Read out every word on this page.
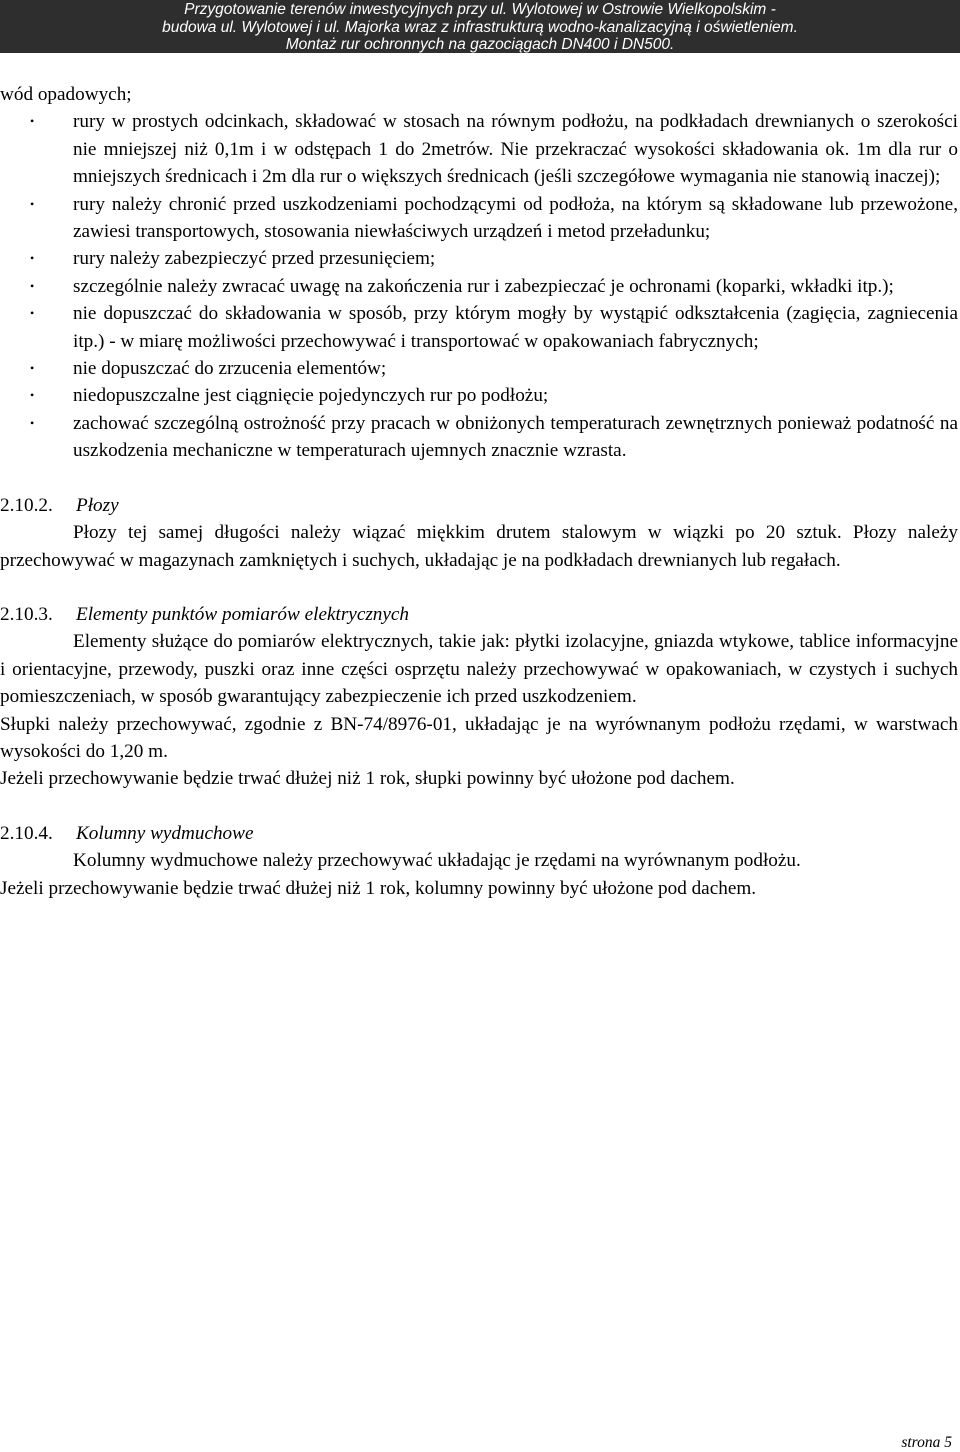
Przygotowanie terenów inwestycyjnych przy ul. Wylotowej w Ostrowie Wielkopolskim -
budowa ul. Wylotowej i ul. Majorka wraz z infrastrukturą wodno-kanalizacyjną i oświetleniem.
Montaż rur ochronnych na gazociągach DN400 i DN500.

wód opadowych;

• rury w prostych odcinkach, składować w stosach na równym podłożu, na podkładach drewnianych o szerokości nie mniejszej niż 0,1m i w odstępach 1 do 2metrów. Nie przekraczać wysokości składowania ok. 1m dla rur o mniejszych średnicach i 2m dla rur o większych średnicach (jeśli szczegółowe wymagania nie stanowią inaczej);
• rury należy chronić przed uszkodzeniami pochodzącymi od podłoża, na którym są składowane lub przewożone, zawiesi transportowych, stosowania niewłaściwych urządzeń i metod przeładunku;
• rury należy zabezpieczyć przed przesunięciem;
• szczególnie należy zwracać uwagę na zakończenia rur i zabezpieczać je ochronami (koparki, wkładki itp.);
• nie dopuszczać do składowania w sposób, przy którym mogły by wystąpić odkształcenia (zagięcia, zagniecenia itp.) - w miarę możliwości przechowywać i transportować w opakowaniach fabrycznych;
• nie dopuszczać do zrzucenia elementów;
• niedopuszczalne jest ciągnięcie pojedynczych rur po podłożu;
• zachować szczególną ostrożność przy pracach w obniżonych temperaturach zewnętrznych ponieważ podatność na uszkodzenia mechaniczne w temperaturach ujemnych znacznie wzrasta.

2.10.2. Płozy

Płozy tej samej długości należy wiązać miękkim drutem stalowym w wiązki po 20 sztuk. Płozy należy przechowywać w magazynach zamkniętych i suchych, układając je na podkładach drewnianych lub regałach.

2.10.3. Elementy punktów pomiarów elektrycznych

Elementy służące do pomiarów elektrycznych, takie jak: płytki izolacyjne, gniazda wtykowe, tablice informacyjne i orientacyjne, przewody, puszki oraz inne części osprzętu należy przechowywać w opakowaniach, w czystych i suchych pomieszczeniach, w sposób gwarantujący zabezpieczenie ich przed uszkodzeniem.

Słupki należy przechowywać, zgodnie z BN-74/8976-01, układając je na wyrównanym podłożu rzędami, w warstwach wysokości do 1,20 m.

Jeżeli przechowywanie będzie trwać dłużej niż 1 rok, słupki powinny być ułożone pod dachem.

2.10.4. Kolumny wydmuchowe

Kolumny wydmuchowe należy przechowywać układając je rzędami na wyrównanym podłożu.

Jeżeli przechowywanie będzie trwać dłużej niż 1 rok, kolumny powinny być ułożone pod dachem.

strona 5
